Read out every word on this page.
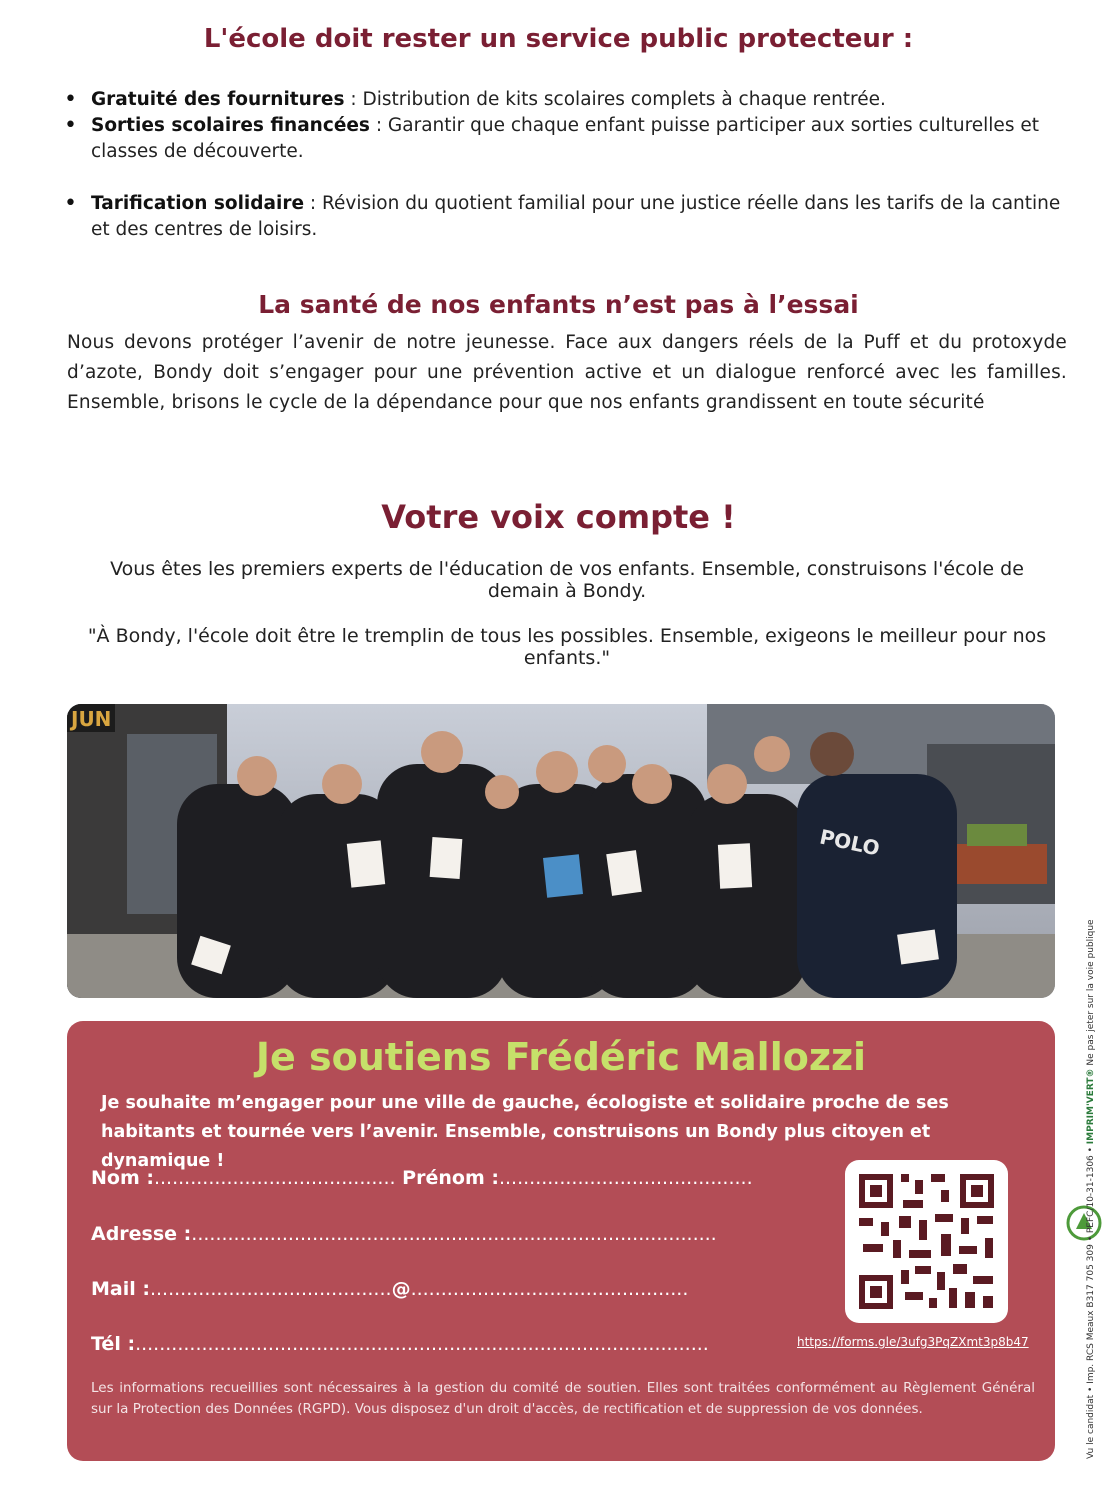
L'école doit rester un service public protecteur :
• Gratuité des fournitures : Distribution de kits scolaires complets à chaque rentrée.
• Sorties scolaires financées : Garantir que chaque enfant puisse participer aux sorties culturelles et classes de découverte.
• Tarification solidaire : Révision du quotient familial pour une justice réelle dans les tarifs de la cantine et des centres de loisirs.
La santé de nos enfants n’est pas à l’essai

Nous devons protéger l’avenir de notre jeunesse. Face aux dangers réels de la Puff et du protoxyde d’azote, Bondy doit s’engager pour une prévention active et un dialogue renforcé avec les familles. Ensemble, brisons le cycle de la dépendance pour que nos enfants grandissent en toute sécurité

Votre voix compte !

Vous êtes les premiers experts de l'éducation de vos enfants. Ensemble, construisons l'école de demain à Bondy.

"À Bondy, l'école doit être le tremplin de tous les possibles. Ensemble, exigeons le meilleur pour nos enfants."

JUN
POLO
Je soutiens Frédéric Mallozzi
Je souhaite m’engager pour une ville de gauche, écologiste et solidaire proche de ses habitants et tournée vers l’avenir. Ensemble, construisons un Bondy plus citoyen et dynamique !
Nom :........................................ Prénom :..........................................
Adresse :.......................................................................................
Mail :........................................@..............................................
Tél :...............................................................................................	https://forms.gle/3ufg3PqZXmt3p8b47
Les informations recueillies sont nécessaires à la gestion du comité de soutien. Elles sont traitées conformément au Règlement Général sur la Protection des Données (RGPD). Vous disposez d'un droit d'accès, de rectification et de suppression de vos données.	Vu le candidat • Imp. RCS Meaux B317 705 309 • PEFC/10-31-1306 • IMPRIM'VERT® Ne pas jeter sur la voie publique
